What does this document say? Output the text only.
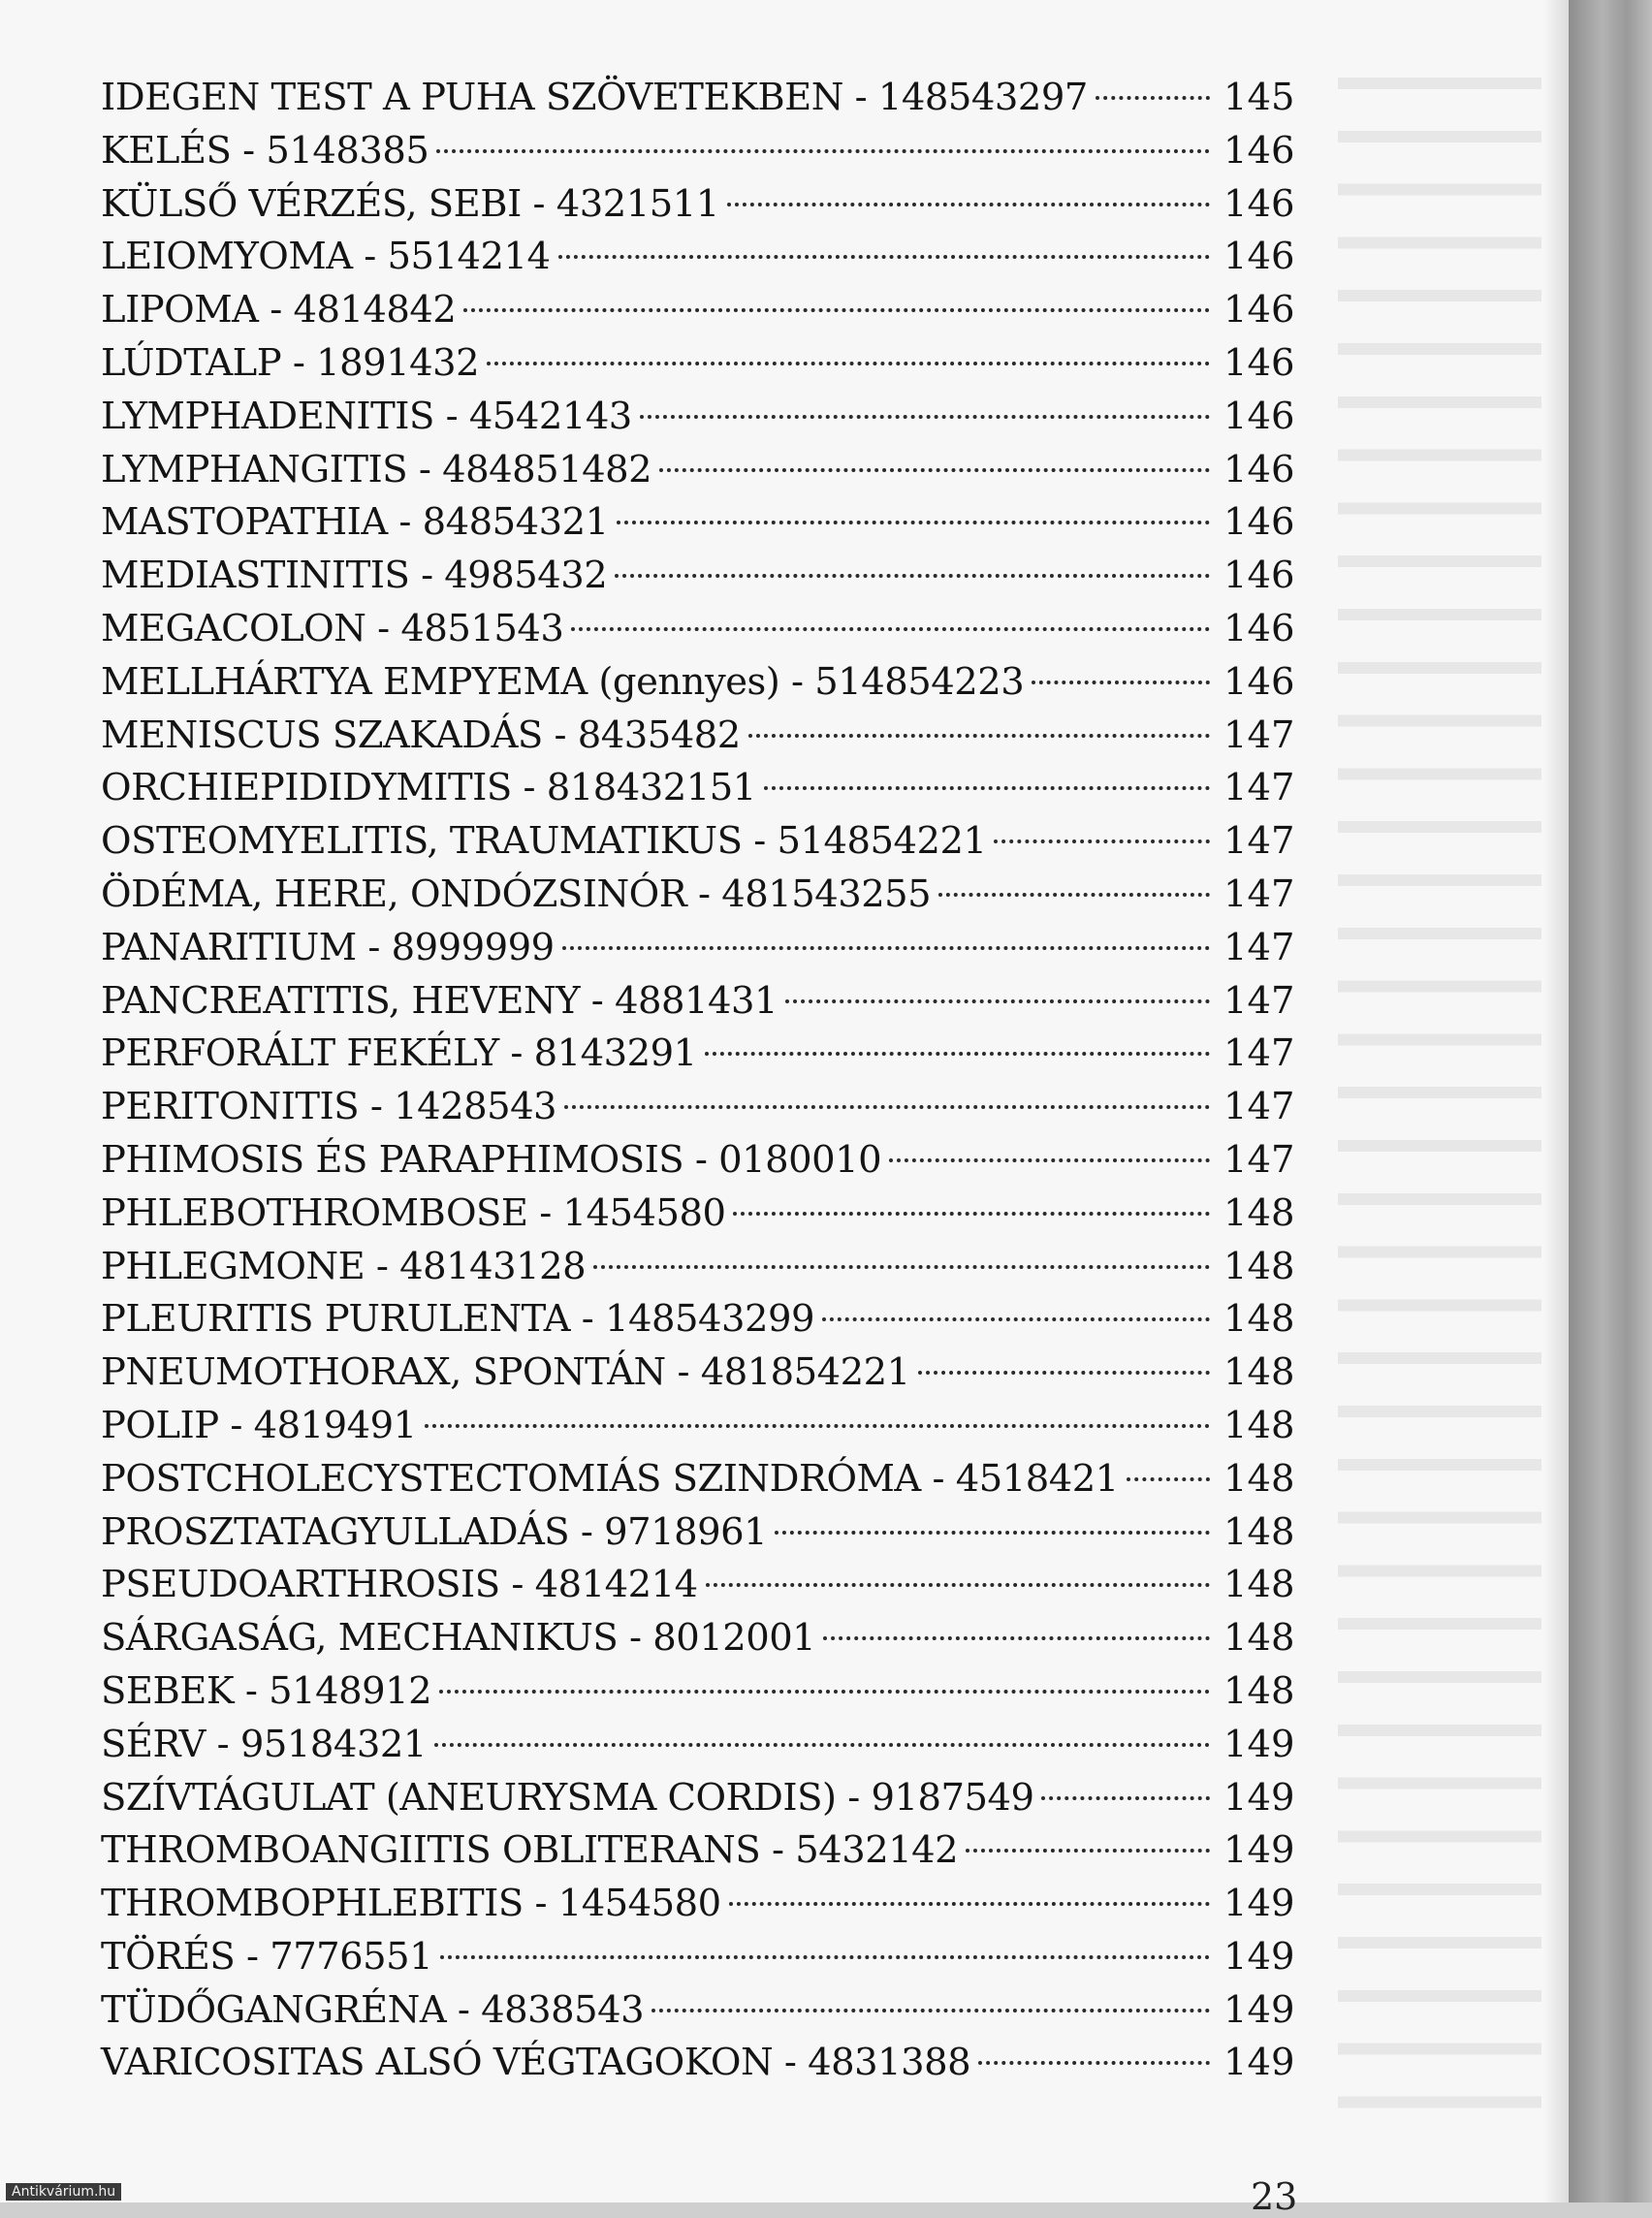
IDEGEN TEST A PUHA SZÖVETEKBEN - 148543297	145
KELÉS - 5148385	146
KÜLSŐ VÉRZÉS, SEBI - 4321511	146
LEIOMYOMA - 5514214	146
LIPOMA - 4814842	146
LÚDTALP - 1891432	146
LYMPHADENITIS - 4542143	146
LYMPHANGITIS - 484851482	146
MASTOPATHIA - 84854321	146
MEDIASTINITIS - 4985432	146
MEGACOLON - 4851543	146
MELLHÁRTYA EMPYEMA (gennyes) - 514854223	146
MENISCUS SZAKADÁS - 8435482	147
ORCHIEPIDIDYMITIS - 818432151	147
OSTEOMYELITIS, TRAUMATIKUS - 514854221	147
ÖDÉMA, HERE, ONDÓZSINÓR - 481543255	147
PANARITIUM - 8999999	147
PANCREATITIS, HEVENY - 4881431	147
PERFORÁLT FEKÉLY - 8143291	147
PERITONITIS - 1428543	147
PHIMOSIS ÉS PARAPHIMOSIS - 0180010	147
PHLEBOTHROMBOSE - 1454580	148
PHLEGMONE - 48143128	148
PLEURITIS PURULENTA - 148543299	148
PNEUMOTHORAX, SPONTÁN - 481854221	148
POLIP - 4819491	148
POSTCHOLECYSTECTOMIÁS SZINDRÓMA - 4518421	148
PROSZTATAGYULLADÁS - 9718961	148
PSEUDOARTHROSIS - 4814214	148
SÁRGASÁG, MECHANIKUS - 8012001	148
SEBEK - 5148912	148
SÉRV - 95184321	149
SZÍVTÁGULAT (ANEURYSMA CORDIS) - 9187549	149
THROMBOANGIITIS OBLITERANS - 5432142	149
THROMBOPHLEBITIS - 1454580	149
TÖRÉS - 7776551	149
TÜDŐGANGRÉNA - 4838543	149
VARICOSITAS ALSÓ VÉGTAGOKON - 4831388	149
23
Antikvárium.hu
